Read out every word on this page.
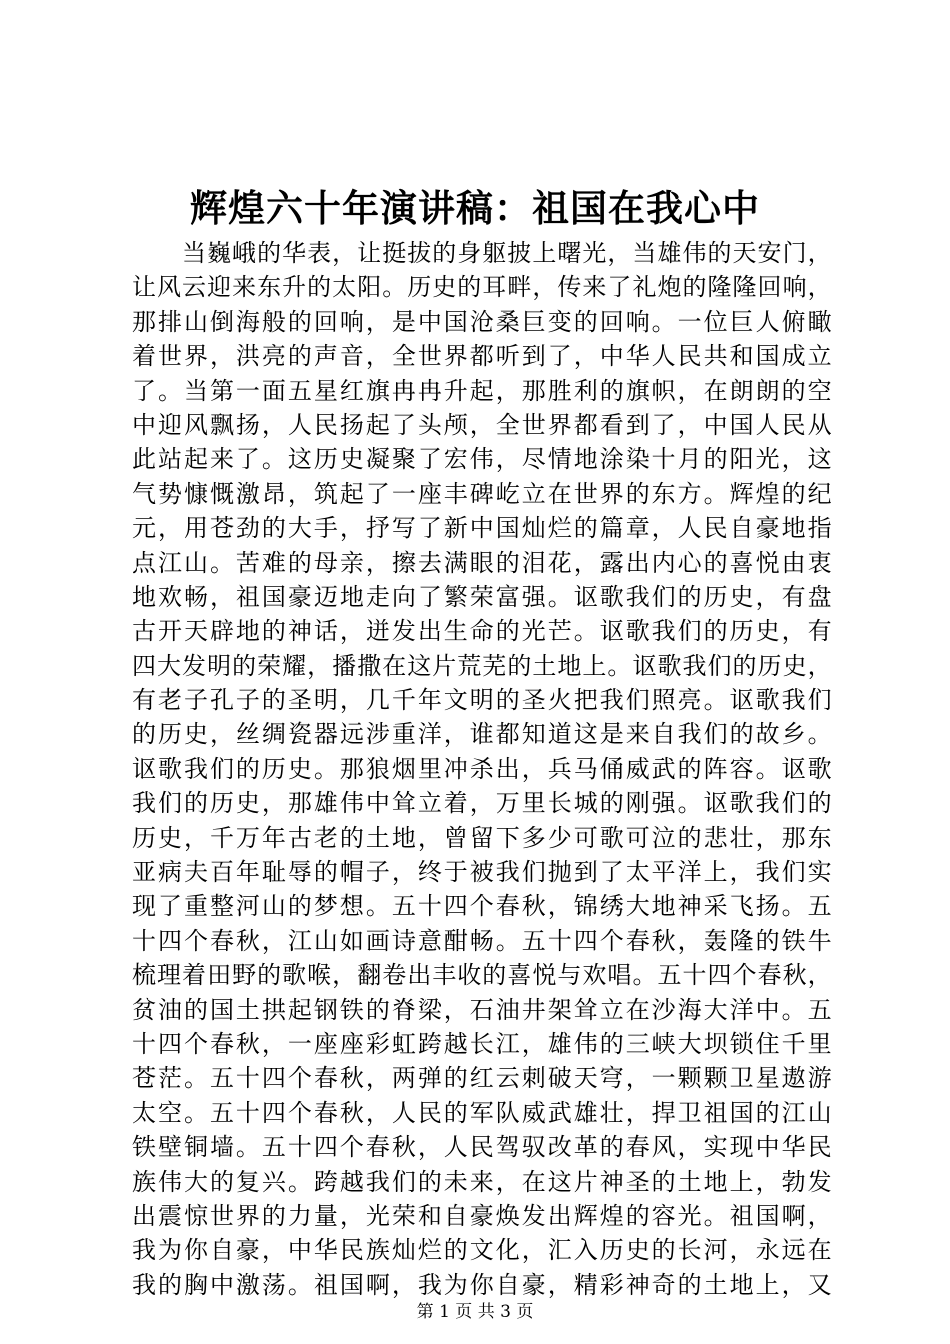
辉煌六十年演讲稿：祖国在我心中
当巍峨的华表，让挺拔的身躯披上曙光，当雄伟的天安门，
让风云迎来东升的太阳。历史的耳畔，传来了礼炮的隆隆回响，
那排山倒海般的回响，是中国沧桑巨变的回响。一位巨人俯瞰
着世界，洪亮的声音，全世界都听到了，中华人民共和国成立
了。当第一面五星红旗冉冉升起，那胜利的旗帜，在朗朗的空
中迎风飘扬，人民扬起了头颅，全世界都看到了，中国人民从
此站起来了。这历史凝聚了宏伟，尽情地涂染十月的阳光，这
气势慷慨激昂，筑起了一座丰碑屹立在世界的东方。辉煌的纪
元，用苍劲的大手，抒写了新中国灿烂的篇章，人民自豪地指
点江山。苦难的母亲，擦去满眼的泪花，露出内心的喜悦由衷
地欢畅，祖国豪迈地走向了繁荣富强。讴歌我们的历史，有盘
古开天辟地的神话，迸发出生命的光芒。讴歌我们的历史，有
四大发明的荣耀，播撒在这片荒芜的土地上。讴歌我们的历史，
有老子孔子的圣明，几千年文明的圣火把我们照亮。讴歌我们
的历史，丝绸瓷器远涉重洋，谁都知道这是来自我们的故乡。
讴歌我们的历史。那狼烟里冲杀出，兵马俑威武的阵容。讴歌
我们的历史，那雄伟中耸立着，万里长城的刚强。讴歌我们的
历史，千万年古老的土地，曾留下多少可歌可泣的悲壮，那东
亚病夫百年耻辱的帽子，终于被我们抛到了太平洋上，我们实
现了重整河山的梦想。五十四个春秋，锦绣大地神采飞扬。五
十四个春秋，江山如画诗意酣畅。五十四个春秋，轰隆的铁牛
梳理着田野的歌喉，翻卷出丰收的喜悦与欢唱。五十四个春秋，
贫油的国土拱起钢铁的脊梁，石油井架耸立在沙海大洋中。五
十四个春秋，一座座彩虹跨越长江，雄伟的三峡大坝锁住千里
苍茫。五十四个春秋，两弹的红云刺破天穹，一颗颗卫星遨游
太空。五十四个春秋，人民的军队威武雄壮，捍卫祖国的江山
铁壁铜墙。五十四个春秋，人民驾驭改革的春风，实现中华民
族伟大的复兴。跨越我们的未来，在这片神圣的土地上，勃发
出震惊世界的力量，光荣和自豪焕发出辉煌的容光。祖国啊，
我为你自豪，中华民族灿烂的文化，汇入历史的长河，永远在
我的胸中激荡。祖国啊，我为你自豪，精彩神奇的土地上，又
第 1 页 共 3 页
